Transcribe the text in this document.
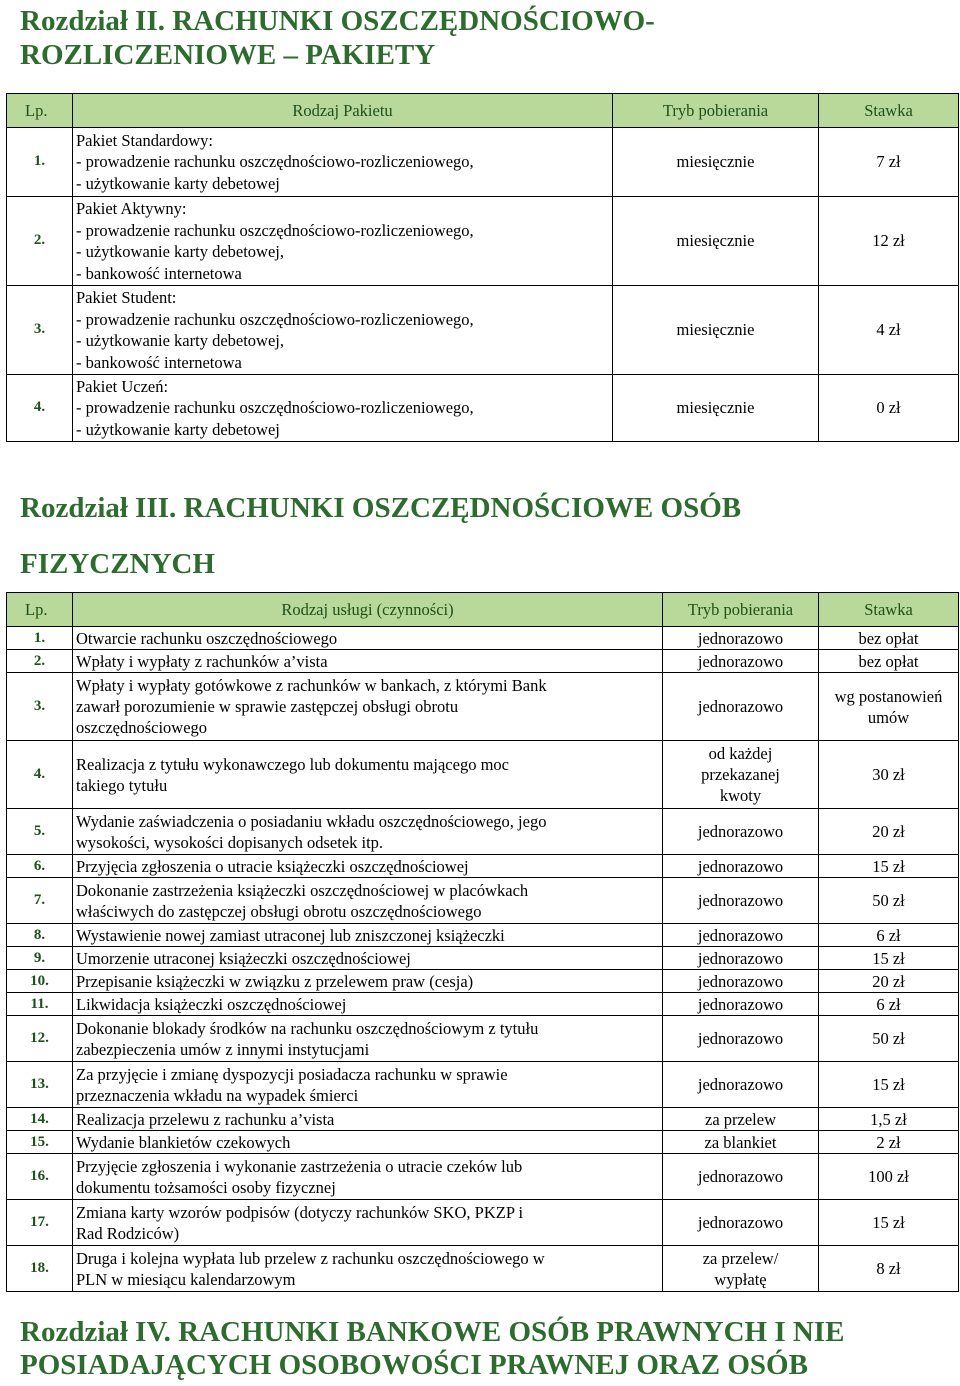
Rozdział II. RACHUNKI OSZCZĘDNOŚCIOWO-
ROZLICZENIOWE – PAKIETY
Lp.	Rodzaj Pakietu	Tryb pobierania	Stawka
1.	Pakiet Standardowy:
- prowadzenie rachunku oszczędnościowo-rozliczeniowego,
- użytkowanie karty debetowej	miesięcznie	7 zł
2.	Pakiet Aktywny:
- prowadzenie rachunku oszczędnościowo-rozliczeniowego,
- użytkowanie karty debetowej,
- bankowość internetowa	miesięcznie	12 zł
3.	Pakiet Student:
- prowadzenie rachunku oszczędnościowo-rozliczeniowego,
- użytkowanie karty debetowej,
- bankowość internetowa	miesięcznie	4 zł
4.	Pakiet Uczeń:
- prowadzenie rachunku oszczędnościowo-rozliczeniowego,
- użytkowanie karty debetowej	miesięcznie	0 zł
Rozdział III. RACHUNKI OSZCZĘDNOŚCIOWE OSÓB
FIZYCZNYCH
Lp.	Rodzaj usługi (czynności)	Tryb pobierania	Stawka
1.	Otwarcie rachunku oszczędnościowego	jednorazowo	bez opłat
2.	Wpłaty i wypłaty z rachunków a’vista	jednorazowo	bez opłat
3.	Wpłaty i wypłaty gotówkowe z rachunków w bankach, z którymi Bank
zawarł porozumienie w sprawie zastępczej obsługi obrotu
oszczędnościowego	jednorazowo	wg postanowień
umów
4.	Realizacja z tytułu wykonawczego lub dokumentu mającego moc
takiego tytułu	od każdej
przekazanej
kwoty	30 zł
5.	Wydanie zaświadczenia o posiadaniu wkładu oszczędnościowego, jego
wysokości, wysokości dopisanych odsetek itp.	jednorazowo	20 zł
6.	Przyjęcia zgłoszenia o utracie książeczki oszczędnościowej	jednorazowo	15 zł
7.	Dokonanie zastrzeżenia książeczki oszczędnościowej w placówkach
właściwych do zastępczej obsługi obrotu oszczędnościowego	jednorazowo	50 zł
8.	Wystawienie nowej zamiast utraconej lub zniszczonej książeczki	jednorazowo	6 zł
9.	Umorzenie utraconej książeczki oszczędnościowej	jednorazowo	15 zł
10.	Przepisanie książeczki w związku z przelewem praw (cesja)	jednorazowo	20 zł
11.	Likwidacja książeczki oszczędnościowej	jednorazowo	6 zł
12.	Dokonanie blokady środków na rachunku oszczędnościowym z tytułu
zabezpieczenia umów z innymi instytucjami	jednorazowo	50 zł
13.	Za przyjęcie i zmianę dyspozycji posiadacza rachunku w sprawie
przeznaczenia wkładu na wypadek śmierci	jednorazowo	15 zł
14.	Realizacja przelewu z rachunku a’vista	za przelew	1,5 zł
15.	Wydanie blankietów czekowych	za blankiet	2 zł
16.	Przyjęcie zgłoszenia i wykonanie zastrzeżenia o utracie czeków lub
dokumentu tożsamości osoby fizycznej	jednorazowo	100 zł
17.	Zmiana karty wzorów podpisów (dotyczy rachunków SKO, PKZP i
Rad Rodziców)	jednorazowo	15 zł
18.	Druga i kolejna wypłata lub przelew z rachunku oszczędnościowego w
PLN w miesiącu kalendarzowym	za przelew/
wypłatę	8 zł
Rozdział IV. RACHUNKI BANKOWE OSÓB PRAWNYCH I NIE
POSIADAJĄCYCH OSOBOWOŚCI PRAWNEJ ORAZ OSÓB
